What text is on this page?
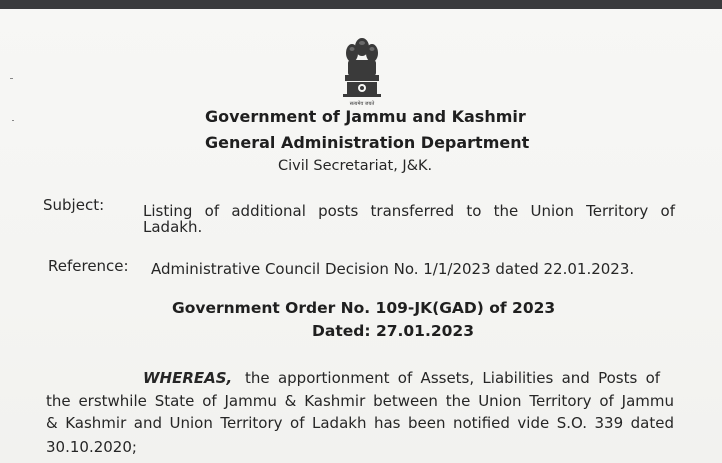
सत्यमेव जयते
Government of Jammu and Kashmir
General Administration Department
Civil Secretariat, J&K.
Subject:	Listing of additional posts transferred to the Union Territory of
Ladakh.
Reference: Administrative Council Decision No. 1/1/2023 dated 22.01.2023.
Government Order No. 109-JK(GAD) of 2023
Dated: 27.01.2023
WHEREAS, the apportionment of Assets, Liabilities and Posts of
the erstwhile State of Jammu & Kashmir between the Union Territory of Jammu
& Kashmir and Union Territory of Ladakh has been notified vide S.O. 339 dated
30.10.2020;
